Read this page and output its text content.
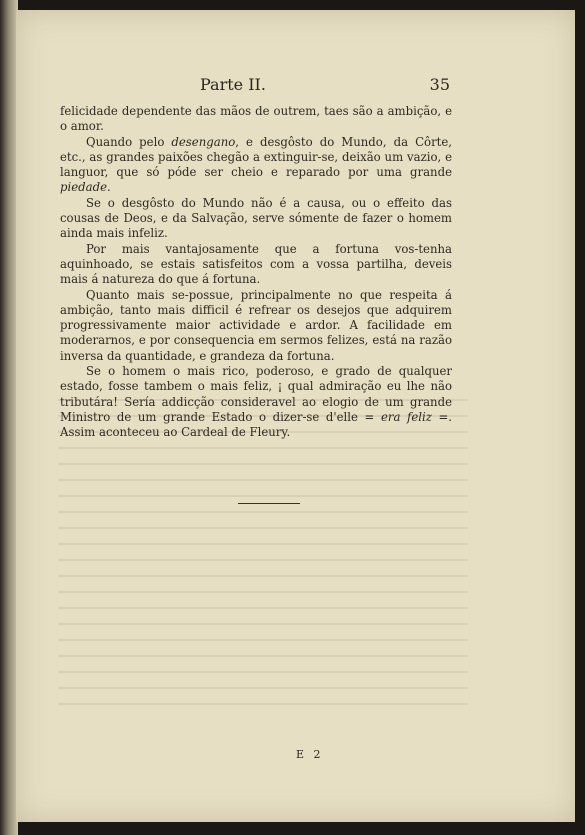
Parte II.	35

felicidade dependente das mãos de outrem, taes são a ambição, e o amor.

Quando pelo desengano, e desgôsto do Mundo, da Côrte, etc., as grandes paixões chegão a extinguir-se, deixão um vazio, e languor, que só póde ser cheio e reparado por uma grande piedade.

Se o desgôsto do Mundo não é a causa, ou o effeito das cousas de Deos, e da Salvação, serve sómente de fazer o homem ainda mais infeliz.

Por mais vantajosamente que a fortuna vos-tenha aquinhoado, se estais satisfeitos com a vossa partilha, deveis mais á natureza do que á fortuna.

Quanto mais se-possue, principalmente no que respeita á ambição, tanto mais difficil é refrear os desejos que adquirem progressivamente maior actividade e ardor. A facilidade em moderarnos, e por consequencia em sermos felizes, está na razão inversa da quantidade, e grandeza da fortuna.

Se o homem o mais rico, poderoso, e grado de qualquer estado, fosse tambem o mais feliz, ¡ qual admiração eu lhe não tributára! Sería addicção consideravel ao elogio de um grande Ministro de um grande Estado o dizer-se d'elle = era feliz =. Assim aconteceu ao Cardeal de Fleury.

E 2
